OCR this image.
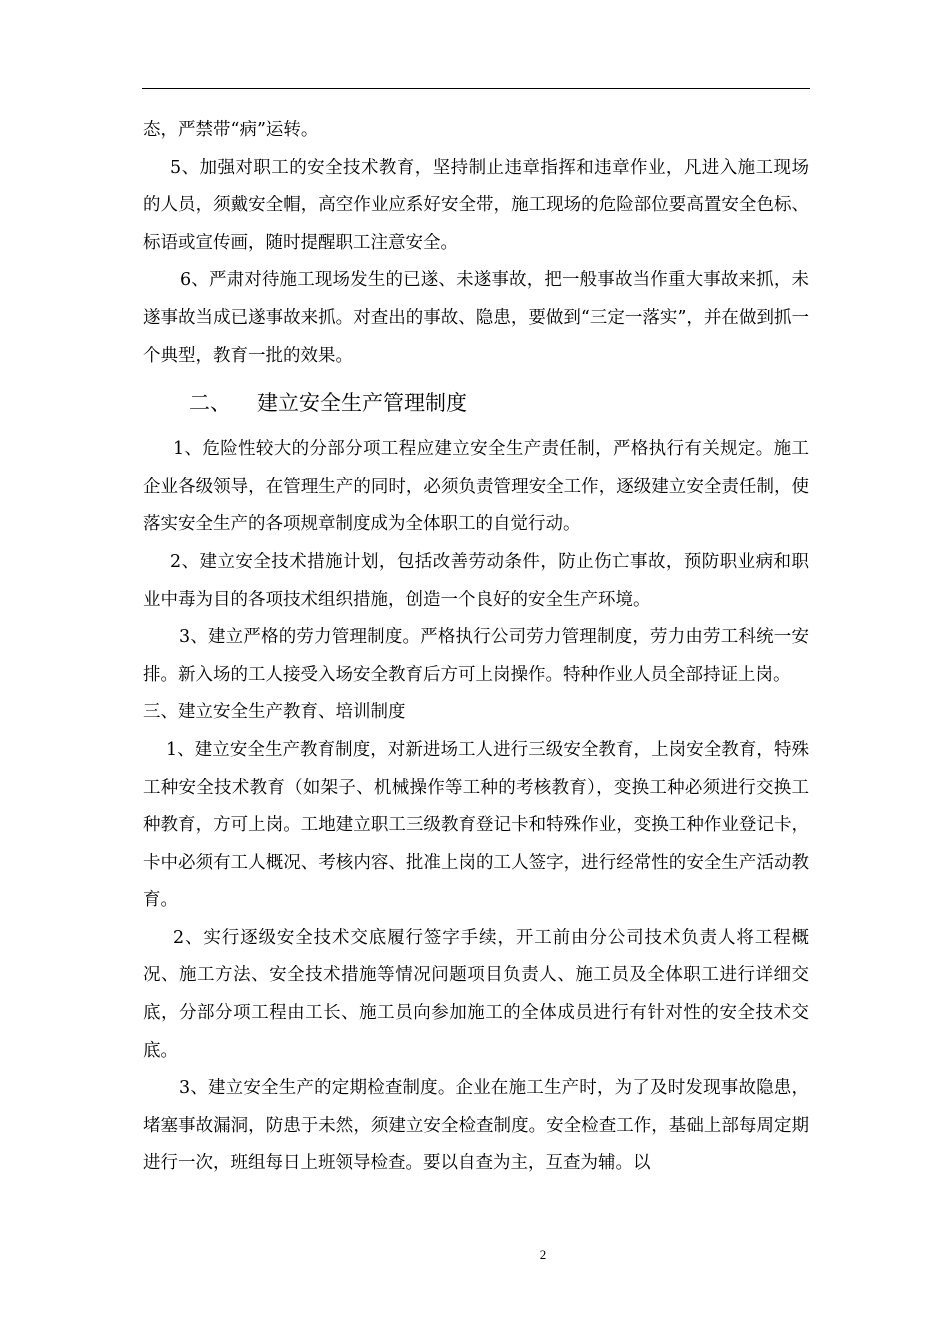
态，严禁带“病”运转。

5、加强对职工的安全技术教育，坚持制止违章指挥和违章作业，凡进入施工现场的人员，须戴安全帽，高空作业应系好安全带，施工现场的危险部位要高置安全色标、标语或宣传画，随时提醒职工注意安全。

6、严肃对待施工现场发生的已遂、未遂事故，把一般事故当作重大事故来抓，未遂事故当成已遂事故来抓。对查出的事故、隐患，要做到“三定一落实”，并在做到抓一个典型，教育一批的效果。

二、 建立安全生产管理制度

1、危险性较大的分部分项工程应建立安全生产责任制，严格执行有关规定。施工企业各级领导，在管理生产的同时，必须负责管理安全工作，逐级建立安全责任制，使落实安全生产的各项规章制度成为全体职工的自觉行动。

2、建立安全技术措施计划，包括改善劳动条件，防止伤亡事故，预防职业病和职业中毒为目的各项技术组织措施，创造一个良好的安全生产环境。

3、建立严格的劳力管理制度。严格执行公司劳力管理制度，劳力由劳工科统一安排。新入场的工人接受入场安全教育后方可上岗操作。特种作业人员全部持证上岗。

三、建立安全生产教育、培训制度

1、建立安全生产教育制度，对新进场工人进行三级安全教育，上岗安全教育，特殊工种安全技术教育（如架子、机械操作等工种的考核教育），变换工种必须进行交换工种教育，方可上岗。工地建立职工三级教育登记卡和特殊作业，变换工种作业登记卡，卡中必须有工人概况、考核内容、批准上岗的工人签字，进行经常性的安全生产活动教育。

2、实行逐级安全技术交底履行签字手续，开工前由分公司技术负责人将工程概况、施工方法、安全技术措施等情况问题项目负责人、施工员及全体职工进行详细交底，分部分项工程由工长、施工员向参加施工的全体成员进行有针对性的安全技术交底。

3、建立安全生产的定期检查制度。企业在施工生产时，为了及时发现事故隐患，堵塞事故漏洞，防患于未然，须建立安全检查制度。安全检查工作，基础上部每周定期进行一次，班组每日上班领导检查。要以自查为主，互查为辅。以

2
